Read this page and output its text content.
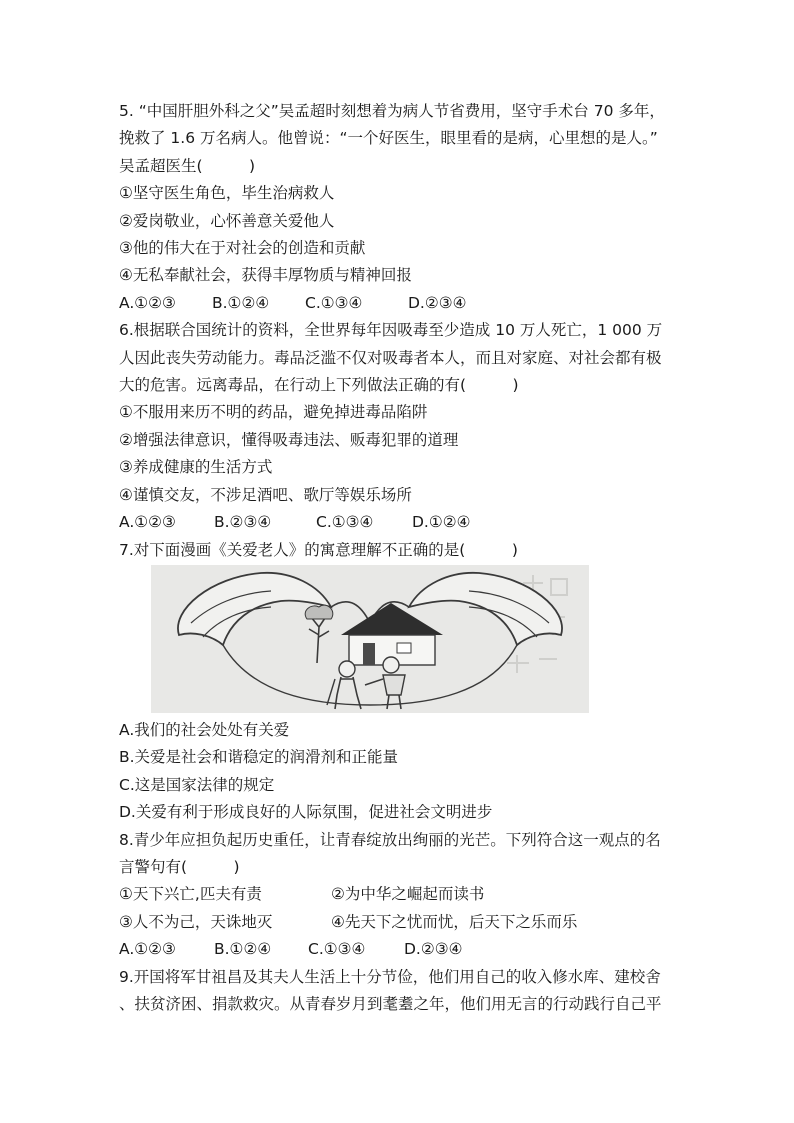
5. “中国肝胆外科之父”吴孟超时刻想着为病人节省费用，坚守手术台 70 多年，
挽救了 1.6 万名病人。他曾说：“一个好医生，眼里看的是病，心里想的是人。”
吴孟超医生(　　　)
①坚守医生角色，毕生治病救人
②爱岗敬业，心怀善意关爱他人
③他的伟大在于对社会的创造和贡献
④无私奉献社会，获得丰厚物质与精神回报
A.①②③ B.①②④ C.①③④	D.②③④
6.根据联合国统计的资料，全世界每年因吸毒至少造成 10 万人死亡，1 000 万
人因此丧失劳动能力。毒品泛滥不仅对吸毒者本人，而且对家庭、对社会都有极
大的危害。远离毒品，在行动上下列做法正确的有(　　　)
①不服用来历不明的药品，避免掉进毒品陷阱
②增强法律意识，懂得吸毒违法、贩毒犯罪的道理
③养成健康的生活方式
④谨慎交友，不涉足酒吧、歌厅等娱乐场所
A.①②③ B.②③④	C.①③④ D.①②④
7.对下面漫画《关爱老人》的寓意理解不正确的是(　　　)
A.我们的社会处处有关爱
B.关爱是社会和谐稳定的润滑剂和正能量
C.这是国家法律的规定
D.关爱有利于形成良好的人际氛围，促进社会文明进步
8.青少年应担负起历史重任，让青春绽放出绚丽的光芒。下列符合这一观点的名
言警句有(　　　)
①天下兴亡,匹夫有责	②为中华之崛起而读书
③人不为己，天诛地灭	④先天下之忧而忧，后天下之乐而乐
A.①②③ B.①②④ C.①③④ D.②③④
9.开国将军甘祖昌及其夫人生活上十分节俭，他们用自己的收入修水库、建校舍
、扶贫济困、捐款救灾。从青春岁月到耄耋之年，他们用无言的行动践行自己平
